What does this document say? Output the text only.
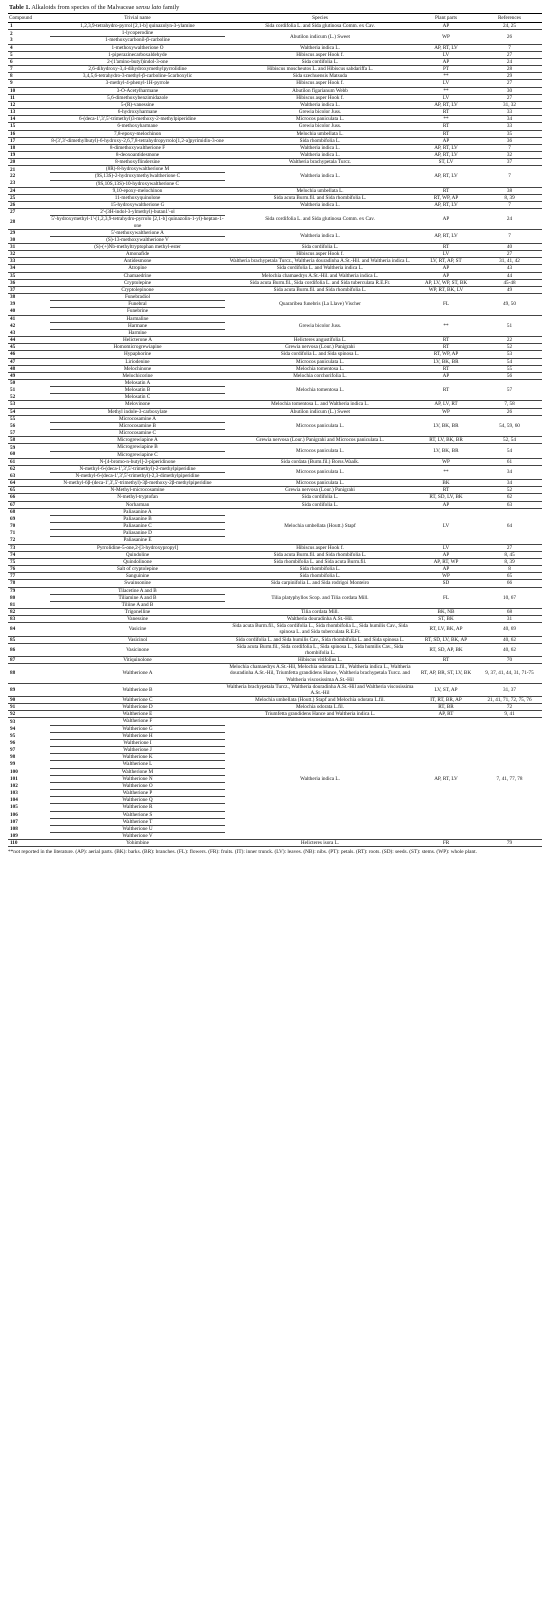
Table 1. Alkaloids from species of the Malvaceae sensu lato family
Compound	Trivial name	Species	Plant parts	References
1	1,2,3,9-tetrahydro-pyrrol [2,1-b] quinazolyn-3-ylamine	Sida cordifolia L. and Sida glutinosa Comm. ex Cav.	AP	24, 25
2	1-lycoperodine	Abutilon indicum (L.) Sweet	WP	26
3	1-methoxycarbonil-β-carboline			
4	1-methoxywaltherione O	Waltheria indica L.	AP, RT, LV	7
5	1-piperazinecarboxaldehyde	Hibiscus asper Hook f.	LV	27
6	2-(1'amino-butyl)indol-3-one	Sida cordifolia L.	AP	24
7	2,6-dihydroxy-3,4-dihydroxymethylpyrrolidine	Hibiscus moscheutos L. and Hibiscus sabdariffa L.	PT	28
8	3,4,5,6-tetrahydro-3-methyl-β-carboline-5carboxylic	Sida szechuensis Matsuda	**	29
9	3-methyl-4-phenyl-1H-pyrrole	Hibiscus asper Hook f.	LV	27
10	3-O-Acetylharmane	Abutilon figarianum Webb	**	30
11	5,6-dimethoxybenzimidazole	Hibiscus asper Hook f.	LV	27
12	5-(R)-vanessine	Waltheria indica L.	AP, RT, LV	31, 32
13	6-hydroxyharmane	Grewia bicolor Juss.	RT	33
14	6-(deca-1',3',5'-trimethyl)3-methoxy-2-methylpiperidine	Microcos paniculata L.	**	34
15	6-methoxyharmane	Grewia bicolor Juss.	RT	33
16	7,8-epoxy-melochinon	Melochia umbellata L.	RT	35
17	8-(3',3'-dimethylbutyl)-6-hydroxy-2,6,7,8-tetrahydropyrrolo[1,2-a]pyrimidin-3-one	Sida rhombifolia L.	AP	36
18	8-dimethoxywaltherione F	Waltheria indica L.	AP, RT, LV	7
19	8-deoxoantidesmone	Waltheria indica L.	AP, RT, LV	32
20	8-methoxyflindersine	Waltheria brachypetala Turcz.	ST, LV	37
21	(8R)-8-hydroxywaltherione M	Waltheria indica L.	AP, RT, LV	7
22	(9S,13S)-2-hydroxymethylwaltherione C			
23	(9S,10S,13S)-10-hydroxywaltherione C			
24	9,10-epoxy-melochinon	Melochia umbellata L.	RT	38
25	11-methoxyquinolone	Sida acuta Burm.fil. and Sida rhombifolia L.	RT, WP, AP	8, 39
26	15-hydroxywaltherione G	Waltheria indica L.	AP, RT, LV	7
27	2'-(3H-indol-3-ylmethyl)-butan1'-ol	Sida cordifolia L. and Sida glutinosa Comm. ex Cav.	AP	24
28	5'-hydroxymethyl-1'-(1,2,3,9-tetrahydro-pyrrolo [2,1-b] quinazolin-1-yl)-heptan-1-one			
29	5'-methoxywaltherione A	Waltheria indica L.	AP, RT, LV	7
30	(S)-13-methoxywaltherione V			
31	(S)-(+)Nb-methyltryptophan methyl-ester	Sida cordifolia L.	RT	40
32	Amonafide	Hibiscus asper Hook f.	LV	27
33	Antidesmone	Waltheria brachypetala Turcz., Waltheria douradinha A.St.-Hil. and Waltheria indica L.	LV, RT, AP, ST	31, 41, 42
34	Atropine	Sida cordifolia L. and Waltheria indica L.	AP	43
35	Chamaedrine	Melochia chamaedrys A.St.-Hil. and Waltheria indica L.	AP	44
36	Cryptolepine	Sida acuta Burm.fil., Sida cordifolia L. and Sida tuberculata R.E.Fr.	AP, LV, WP, ST, BK	45-48
37	Cryptolepinone	Sida acuta Burm.fil. and Sida rhombifolia L.	WP, RT, BK, LV	49
38	Funebradiol	Quararibea funebris (La Llave) Vischer	FL	49, 50
39	Funebral			
40	Funebrine			
41	Harmaline	Grewia bicolor Juss.	**	51
42	Harmane			
43	Harmine			
44	Helicterone A	Helicteres angustifolia L.	RT	22
45	Homomicrogrewiapine	Grewia nervosa (Lour.) Panigrahi	RT	52
46	Hypaphorine	Sida cordifolia L. and Sida spinosa L.	RT, WP, AP	53
47	Liriodenine	Microcos paniculata L.	LV, BK, BR	54
48	Melochinone	Melochia tomentosa L.	RT	55
49	Melochicorine	Melochia corchorifolia L.	AP	56
50	Melosatin A	Melochia tomentosa L.	RT	57
51	Melosatin B			
52	Melosatin C			
53	Melovinone	Melochia tomentosa L. and Waltheria indica L.	AP, LV, RT	7, 58
54	Methyl indole-3-carboxylate	Abutilon indicum (L.) Sweet	WP	26
55	Microcosamine A	Microcos paniculata L.	LV, BK, BR	54, 59, 60
56	Microcosamine B			
57	Microcosamine C			
58	Microgrewiapine A	Grewia nervosa (Lour.) Panigrahi and Microcos paniculata L.	RT, LV, BK, BR	52, 54
59	Microgrewiapine B	Microcos paniculata L.	LV, BK, BR	54
60	Microgrewiapine C			
61	N-[4-bromo-n-butyl]-2-piperidinone	Sida cordata (Burm.fil.) Borss.Waalk.	WP	61
62	N-methyl-6-(deca-1',3',5'-trimethyl)-2-methylpiperidine	Microcos paniculata L.	**	34
63	N-methyl-6-(deca-1',3',5'-trimethyl)-2,3-dimethylpiperidine			
64	N-methyl-6β-(deca-1',3',5'-trimethyl)-3β-methoxy-2β-methylpiperidine	Microcos paniculata L.	BK	34
65	N-Methyl-microcosamine	Grewia nervosa (Lour.) Panigrahi	RT	52
66	N-methyl-tryptofan	Sida cordifolia L.	RT, SD, LV, BK	62
67	Norharman	Sida cordifolia L.	AP	63
68	Paliasanine A	Melochia umbellata (Houtt.) Stapf	LV	64
69	Paliasanine B			
70	Paliasanine C			
71	Paliasanine D			
72	Paliasanine E			
73	Pyrrolidine-5-one,2-[3-hydroxypropyl]	Hibiscus asper Hook f.	LV	27
74	Quindoline	Sida acuta Burm.fil. and Sida rhombifolia L.	AP	8, 45
75	Quindolinone	Sida rhombifolia L. and Sida acuta Burm.fil.	AP, RT, WP	8, 39
76	Salt of cryptolepine	Sida rhombifolia L.	AP	8
77	Sanguinine	Sida rhombifolia L.	WP	65
78	Swainsonine	Sida carpinifolia L. and Sida rodrigoi Monteiro	SD	66
79	Tilacetine A and B	Tilia platyphyllos Scop. and Tilia cordata Mill.	FL	10, 67
80	Tiliamine A and B			
81	Tiliine A and B			
82	Trigonelline	Tilia cordata Mill.	BK, NB	68
83	Vanessine	Waltheria douradinha A.St.-Hil.	ST, BK	31
84	Vasicine	Sida acuta Burm.fil., Sida cordifolia L., Sida rhombifolia L., Sida humilis Cav., Sida spinosa L. and Sida tuberculata R.E.Fr.	RT, LV, BK, AP	40, 69
85	Vasicinol	Sida cordifolia L. and Sida humilis Cav., Sida rhombifolia L. and Sida spinosa L.	RT, SD, LV, BK, AP	40, 62
86	Vasicinone	Sida acuta Burm.fil., Sida cordifolia L., Sida spinosa L., Sida humilis Cav., Sida rhombifolia L.	RT, SD, AP, BK	40, 62
87	Vitiquinolone	Hibiscus vitifolius L.	RT	70
88	Waltherione A	Melochia chamaedrys A.St.-Hil, Melochia odorata L.fil., Waltheria indica L., Waltheria douradinha A.St.-Hil, Triumfetta grandidens Hance, Waltheria brachypetala Turcz. and Waltheria viscosissima A.St.-Hil	RT, AP, BR, ST, LV, BK	9, 37, 41, 44, 31, 71-75
89	Waltherione B	Waltheria brachypetala Turcz., Waltheria douradinha A.St.-Hil and Waltheria viscosissima A.St.-Hil	LV, ST, AP	31, 37
90	Waltherione C	Melochia umbellata (Houtt.) Stapf and Melochia odorata L.fil.	IT, RT, BR, AP	21, 41, 71, 72, 75, 76
91	Waltherione D	Melochia odorata L.fil.	RT, BR	72
92	Waltherione E	Triumfetta grandidens Hance and Waltheria indica L.	AP, RT	9, 41
93	Waltherione F	Waltheria indica L.	AP, RT, LV	7, 41, 77, 78
94	Waltherione G			
95	Waltherione H			
96	Waltherione I			
97	Waltherione J			
98	Waltherione K			
99	Waltherione L			
100	Waltherione M			
101	Waltherione N			
102	Waltherione O			
103	Waltherione P			
104	Waltherione Q			
105	Waltherione R			
106	Waltherione S			
107	Waltherione T			
108	Waltherione U			
109	Waltherione V			
110	Yohimbine	Helicteres isora L.	FR	79
**not reported in the literature. (AP): aerial parts. (BK): barks. (BR): branches. (FL): flowers. (FR): fruits. (IT): inner trunck. (LV): leaves. (NB): nibs. (PT): petals. (RT): roots. (SD): seeds. (ST): stems. (WP): whole plant.
